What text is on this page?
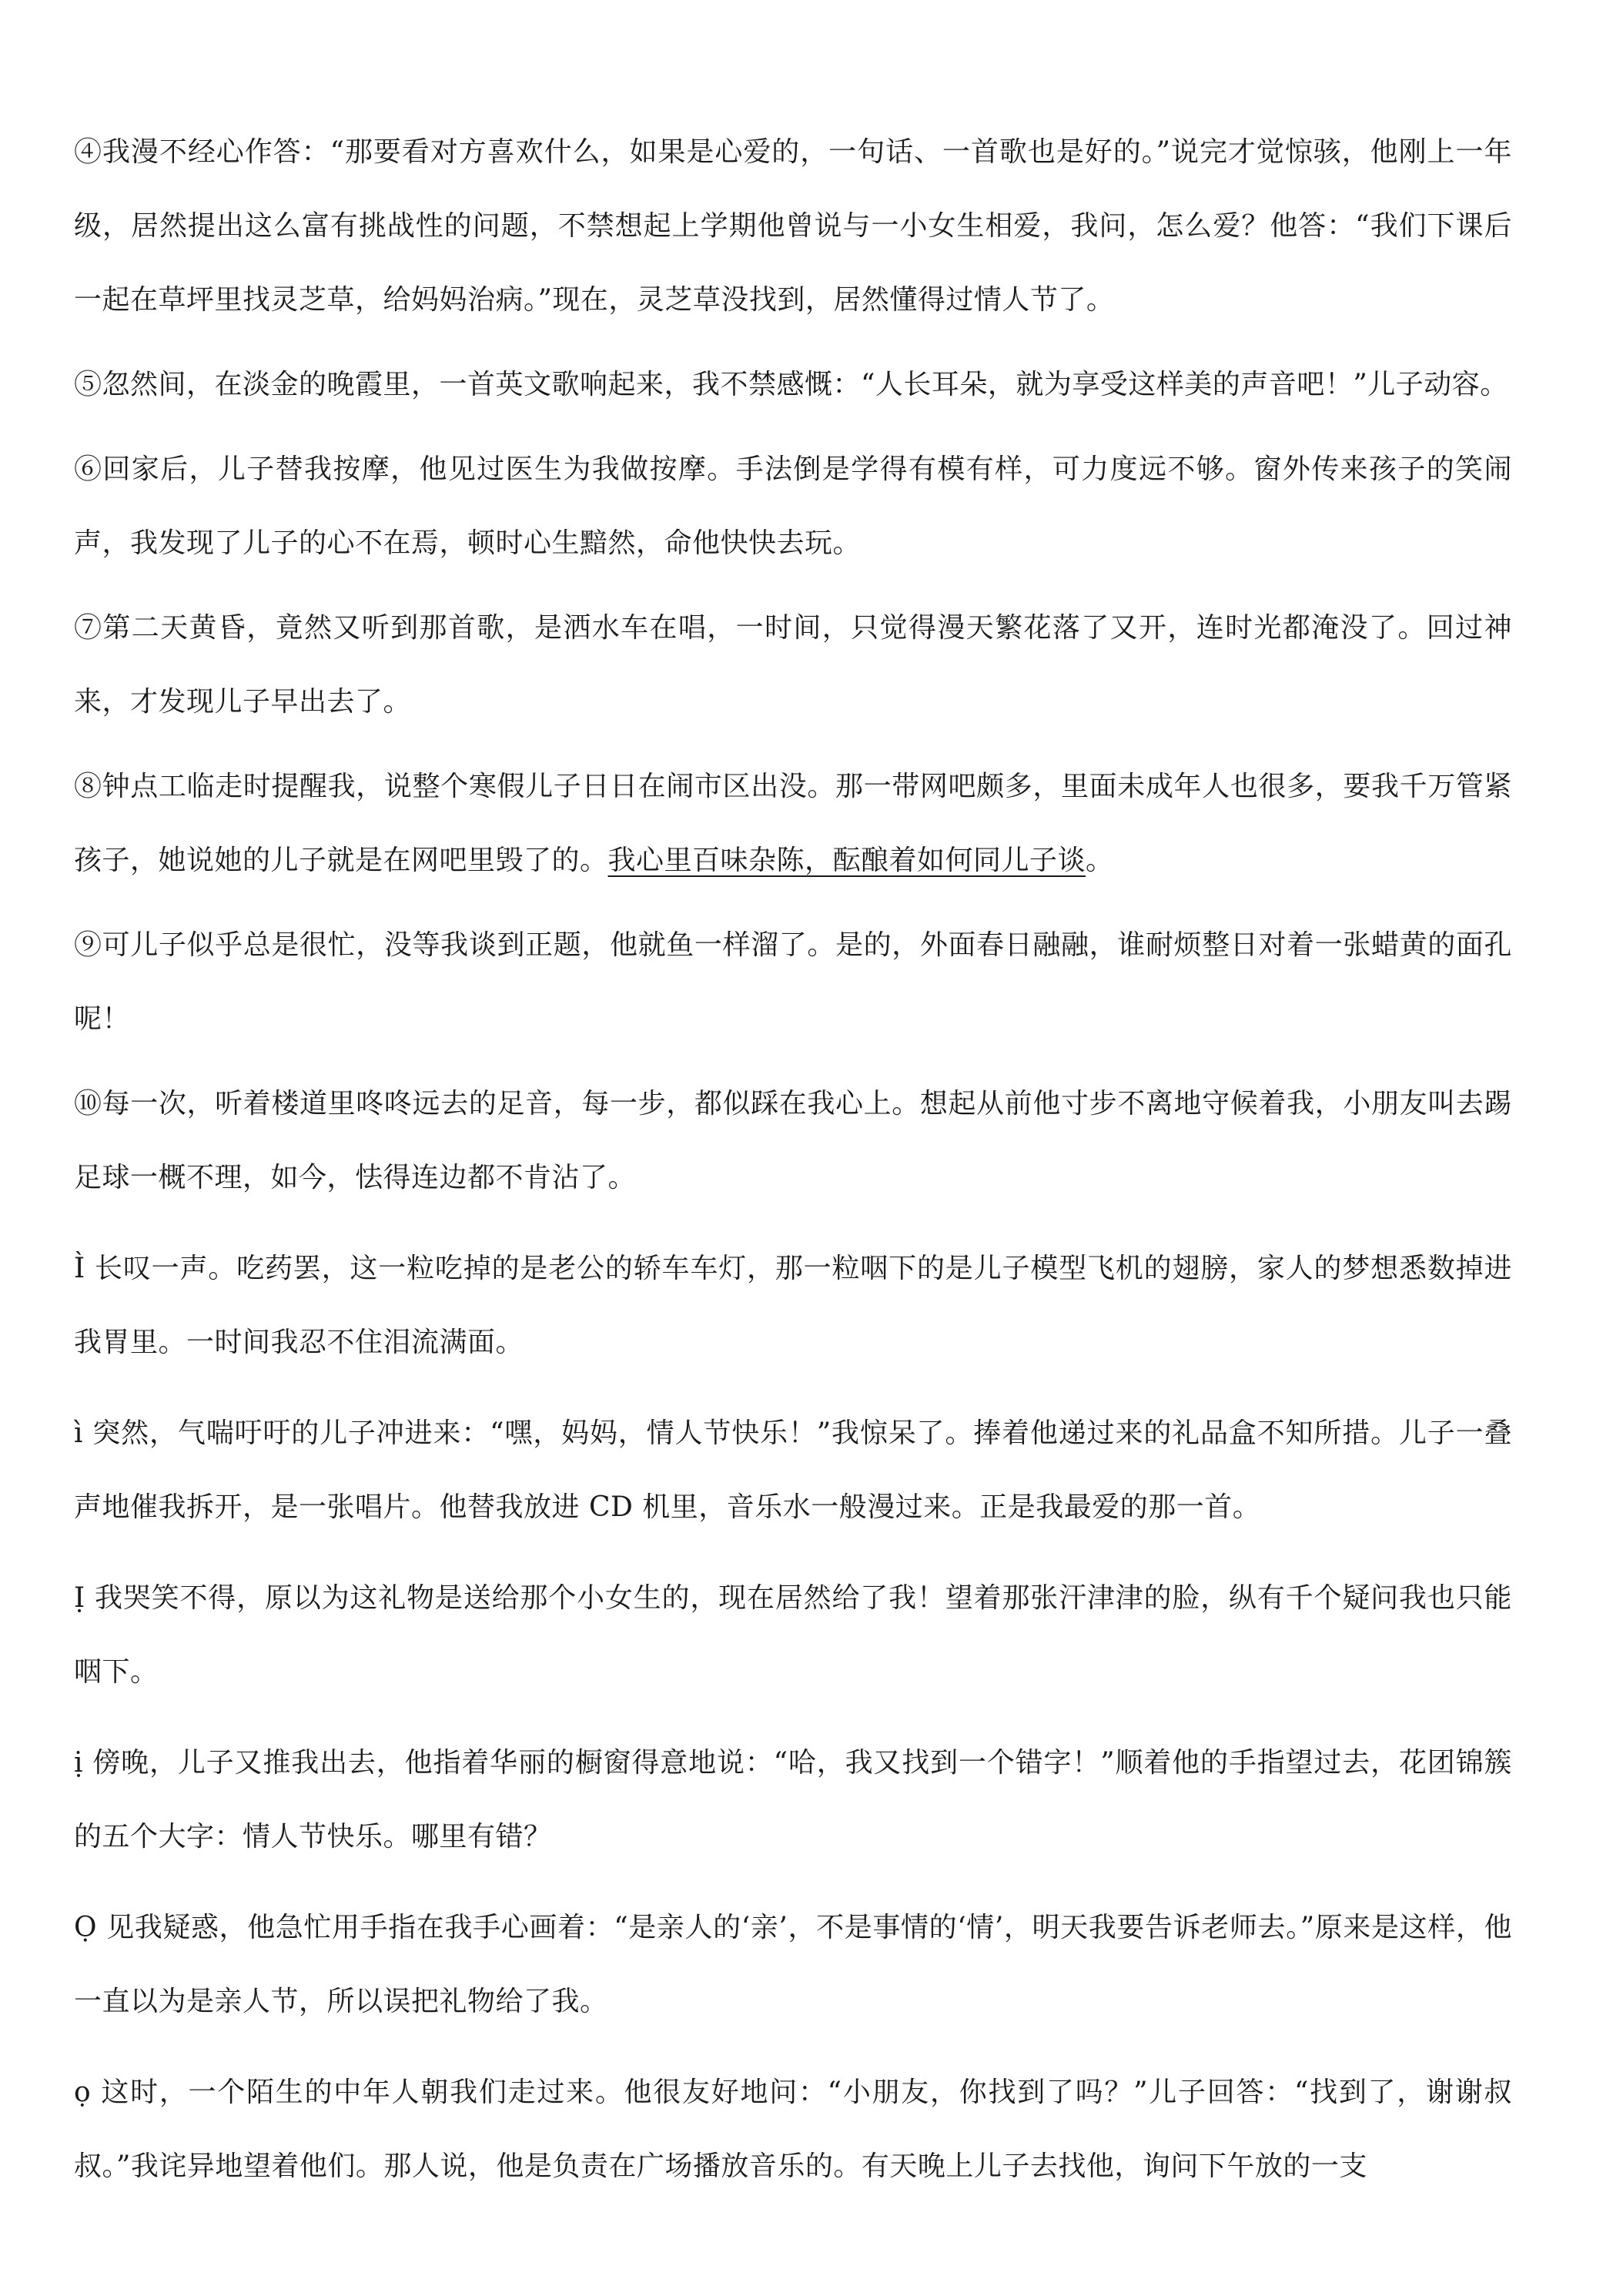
④我漫不经心作答：“那要看对方喜欢什么，如果是心爱的，一句话、一首歌也是好的。”说完才觉惊骇，他刚上一年级，居然提出这么富有挑战性的问题，不禁想起上学期他曾说与一小女生相爱，我问，怎么爱？他答：“我们下课后一起在草坪里找灵芝草，给妈妈治病。”现在，灵芝草没找到，居然懂得过情人节了。

⑤忽然间，在淡金的晚霞里，一首英文歌响起来，我不禁感慨：“人长耳朵，就为享受这样美的声音吧！”儿子动容。

⑥回家后，儿子替我按摩，他见过医生为我做按摩。手法倒是学得有模有样，可力度远不够。窗外传来孩子的笑闹声，我发现了儿子的心不在焉，顿时心生黯然，命他快快去玩。

⑦第二天黄昏，竟然又听到那首歌，是洒水车在唱，一时间，只觉得漫天繁花落了又开，连时光都淹没了。回过神来，才发现儿子早出去了。

⑧钟点工临走时提醒我，说整个寒假儿子日日在闹市区出没。那一带网吧颇多，里面未成年人也很多，要我千万管紧孩子，她说她的儿子就是在网吧里毁了的。我心里百味杂陈，酝酿着如何同儿子谈。

⑨可儿子似乎总是很忙，没等我谈到正题，他就鱼一样溜了。是的，外面春日融融，谁耐烦整日对着一张蜡黄的面孔呢！

⑩每一次，听着楼道里咚咚远去的足音，每一步，都似踩在我心上。想起从前他寸步不离地守候着我，小朋友叫去踢足球一概不理，如今，怯得连边都不肯沾了。

Ì 长叹一声。吃药罢，这一粒吃掉的是老公的轿车车灯，那一粒咽下的是儿子模型飞机的翅膀，家人的梦想悉数掉进我胃里。一时间我忍不住泪流满面。

ì 突然，气喘吁吁的儿子冲进来：“嘿，妈妈，情人节快乐！”我惊呆了。捧着他递过来的礼品盒不知所措。儿子一叠声地催我拆开，是一张唱片。他替我放进 CD 机里，音乐水一般漫过来。正是我最爱的那一首。

Ị 我哭笑不得，原以为这礼物是送给那个小女生的，现在居然给了我！望着那张汗津津的脸，纵有千个疑问我也只能咽下。

ị 傍晚，儿子又推我出去，他指着华丽的橱窗得意地说：“哈，我又找到一个错字！”顺着他的手指望过去，花团锦簇的五个大字：情人节快乐。哪里有错？

Ọ 见我疑惑，他急忙用手指在我手心画着：“是亲人的‘亲’，不是事情的‘情’，明天我要告诉老师去。”原来是这样，他一直以为是亲人节，所以误把礼物给了我。

ọ 这时，一个陌生的中年人朝我们走过来。他很友好地问：“小朋友，你找到了吗？”儿子回答：“找到了，谢谢叔叔。”我诧异地望着他们。那人说，他是负责在广场播放音乐的。有天晚上儿子去找他，询问下午放的一支
